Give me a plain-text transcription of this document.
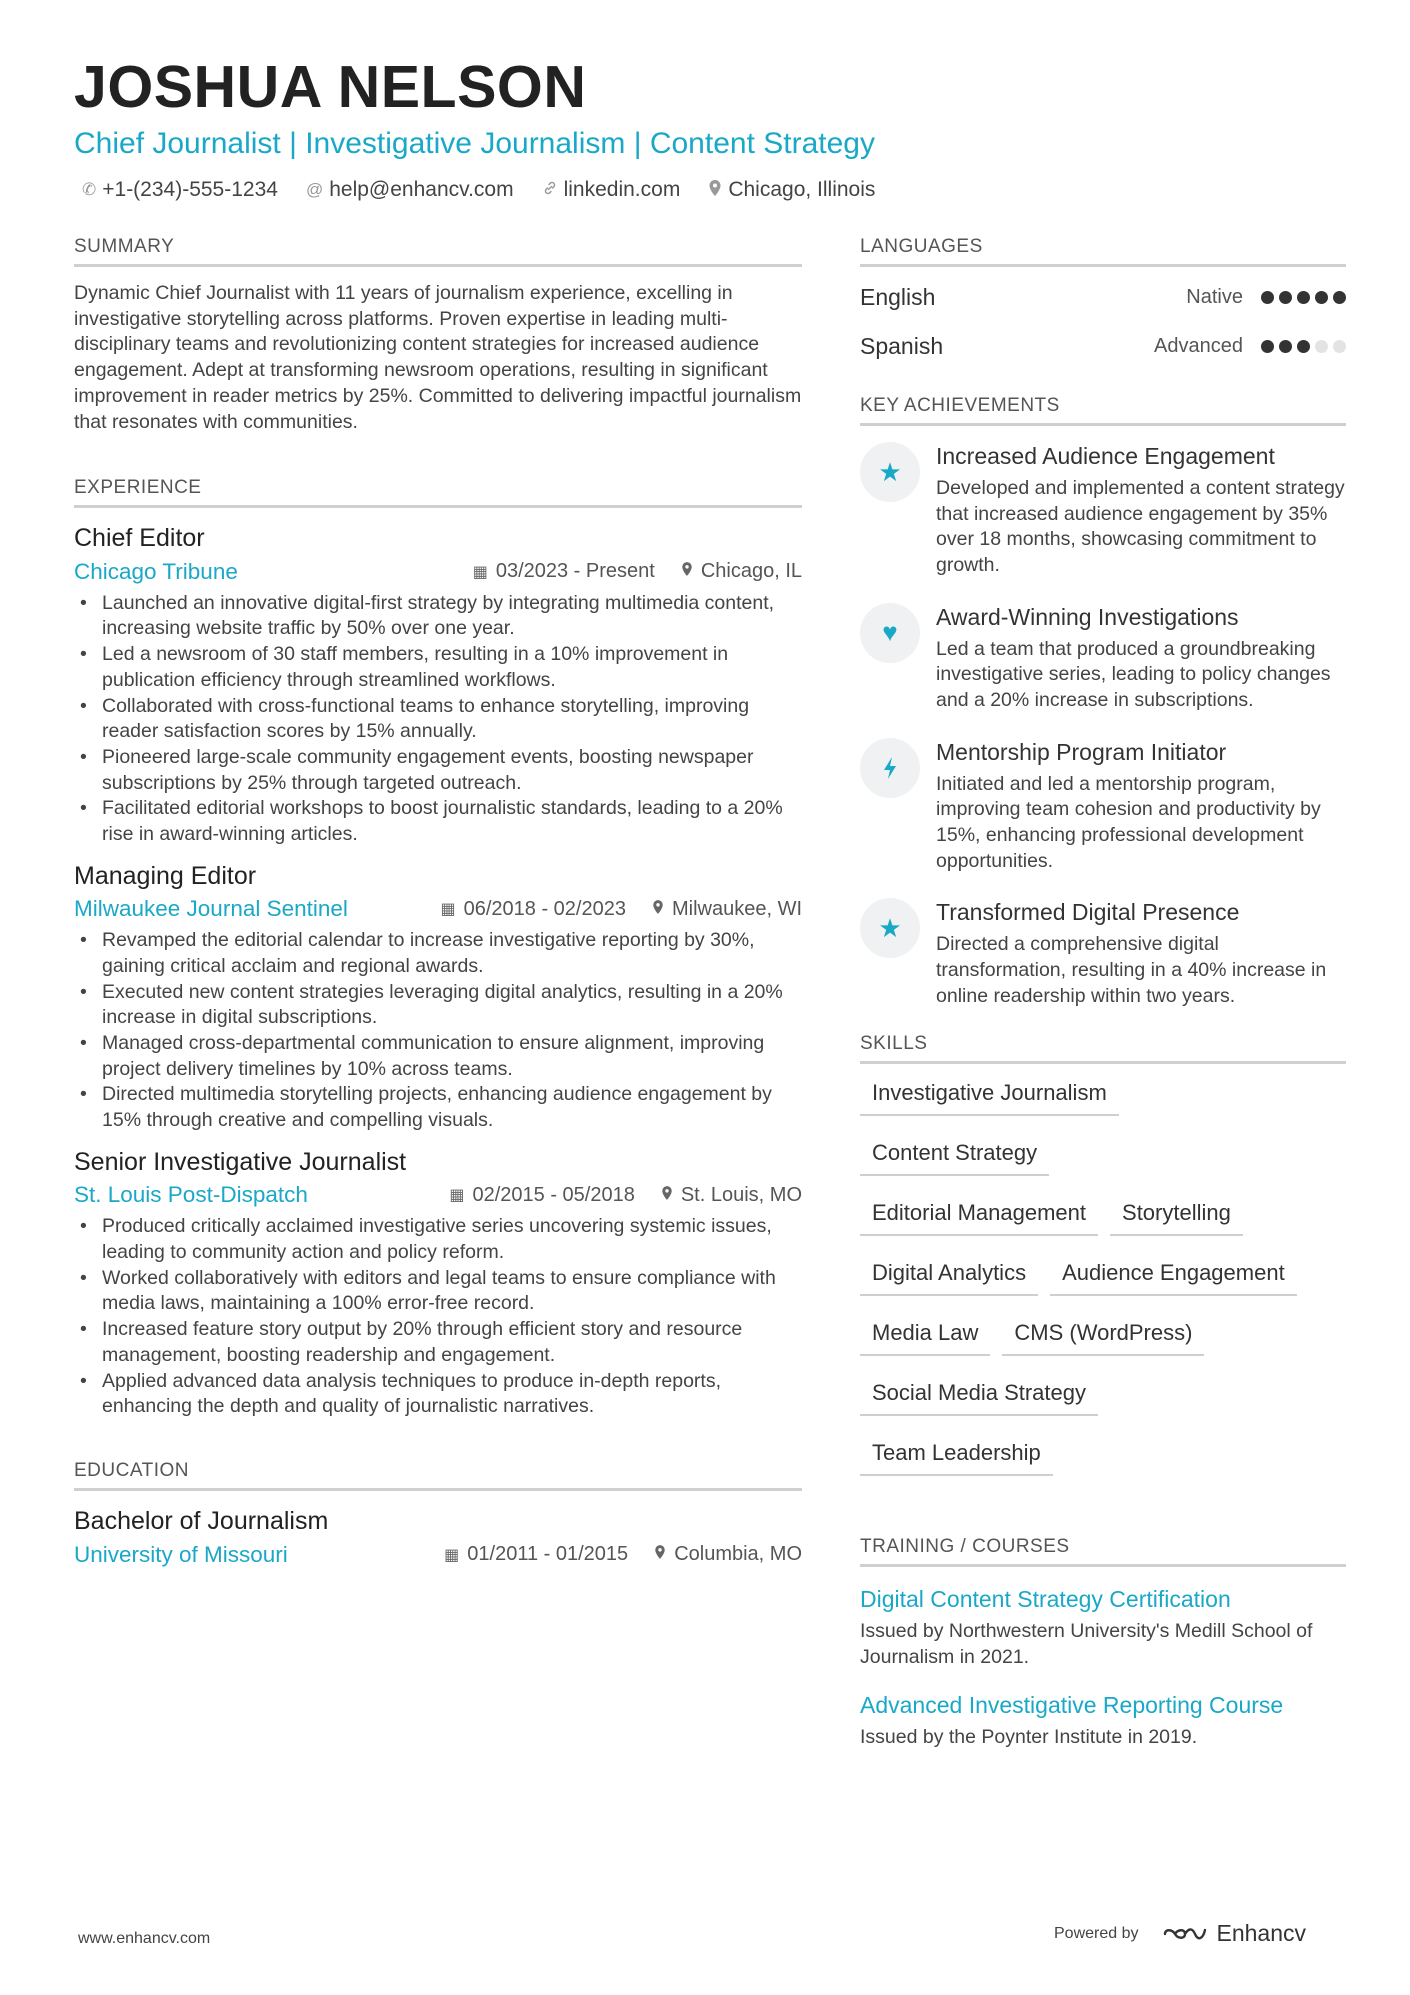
JOSHUA NELSON
Chief Journalist | Investigative Journalism | Content Strategy
✆ +1-(234)-555-1234 @ help@enhancv.com linkedin.com Chicago, Illinois
SUMMARY
Dynamic Chief Journalist with 11 years of journalism experience, excelling in investigative storytelling across platforms. Proven expertise in leading multi-disciplinary teams and revolutionizing content strategies for increased audience engagement. Adept at transforming newsroom operations, resulting in significant improvement in reader metrics by 25%. Committed to delivering impactful journalism that resonates with communities.
EXPERIENCE
Chief Editor
Chicago Tribune	▦ 03/2023 - Present Chicago, IL
• Launched an innovative digital-first strategy by integrating multimedia content, increasing website traffic by 50% over one year.
• Led a newsroom of 30 staff members, resulting in a 10% improvement in publication efficiency through streamlined workflows.
• Collaborated with cross-functional teams to enhance storytelling, improving reader satisfaction scores by 15% annually.
• Pioneered large-scale community engagement events, boosting newspaper subscriptions by 25% through targeted outreach.
• Facilitated editorial workshops to boost journalistic standards, leading to a 20% rise in award-winning articles.
Managing Editor
Milwaukee Journal Sentinel	▦ 06/2018 - 02/2023 Milwaukee, WI
• Revamped the editorial calendar to increase investigative reporting by 30%, gaining critical acclaim and regional awards.
• Executed new content strategies leveraging digital analytics, resulting in a 20% increase in digital subscriptions.
• Managed cross-departmental communication to ensure alignment, improving project delivery timelines by 10% across teams.
• Directed multimedia storytelling projects, enhancing audience engagement by 15% through creative and compelling visuals.
Senior Investigative Journalist
St. Louis Post-Dispatch	▦ 02/2015 - 05/2018 St. Louis, MO
• Produced critically acclaimed investigative series uncovering systemic issues, leading to community action and policy reform.
• Worked collaboratively with editors and legal teams to ensure compliance with media laws, maintaining a 100% error-free record.
• Increased feature story output by 20% through efficient story and resource management, boosting readership and engagement.
• Applied advanced data analysis techniques to produce in-depth reports, enhancing the depth and quality of journalistic narratives.
EDUCATION
Bachelor of Journalism
University of Missouri	▦ 01/2011 - 01/2015 Columbia, MO
LANGUAGES
English	Native
Spanish	Advanced
KEY ACHIEVEMENTS
★
Increased Audience Engagement
Developed and implemented a content strategy that increased audience engagement by 35% over 18 months, showcasing commitment to growth.
♥
Award-Winning Investigations
Led a team that produced a groundbreaking investigative series, leading to policy changes and a 20% increase in subscriptions.
Mentorship Program Initiator
Initiated and led a mentorship program, improving team cohesion and productivity by 15%, enhancing professional development opportunities.
★
Transformed Digital Presence
Directed a comprehensive digital transformation, resulting in a 40% increase in online readership within two years.
SKILLS
Investigative Journalism
Content Strategy
Editorial Management	Storytelling
Digital Analytics	Audience Engagement
Media Law	CMS (WordPress)
Social Media Strategy
Team Leadership
TRAINING / COURSES
Digital Content Strategy Certification
Issued by Northwestern University's Medill School of Journalism in 2021.
Advanced Investigative Reporting Course
Issued by the Poynter Institute in 2019.
www.enhancv.com	Powered by	Enhancv
